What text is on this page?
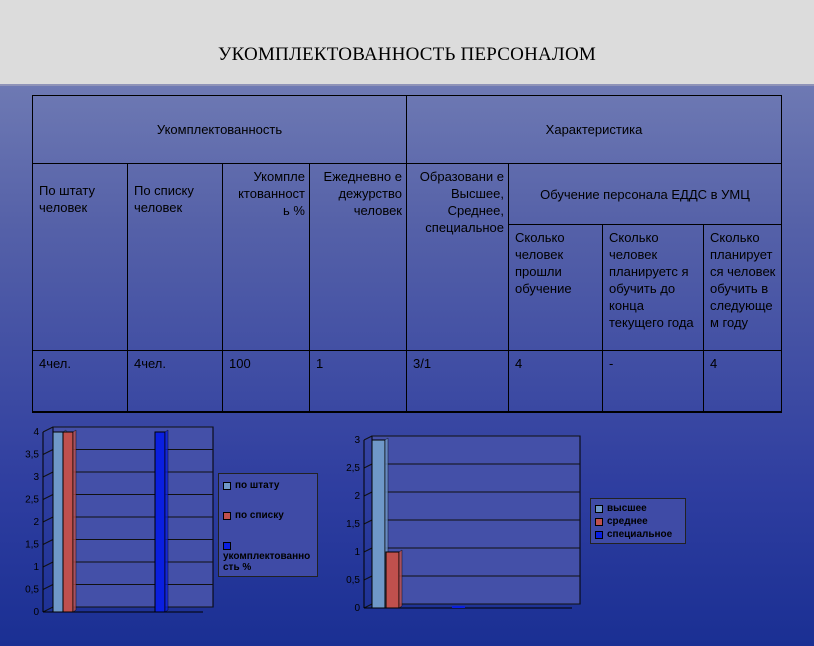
УКОМПЛЕКТОВАННОСТЬ ПЕРСОНАЛОМ
Укомплектованность				Характеристика			

По штату человек	По списку человек	Укомпле ктованност ь %	Ежедневно е дежурство человек	Образовани е Высшее, Среднее, специальное	Обучение персонала ЕДДС в УМЦ		

					Сколько человек прошли обучение	Сколько человек планируетс я обучить до конца текущего года	Сколько планирует ся человек обучить в следующе м году

4чел.	4чел.	100	1	3/1	4	-	4
0
0,5
1
1,5
2
2,5
3
3,5
4
по штату
по списку
укомплектованно сть %
0
0,5
1
1,5
2
2,5
3
высшее
среднее
специальное
